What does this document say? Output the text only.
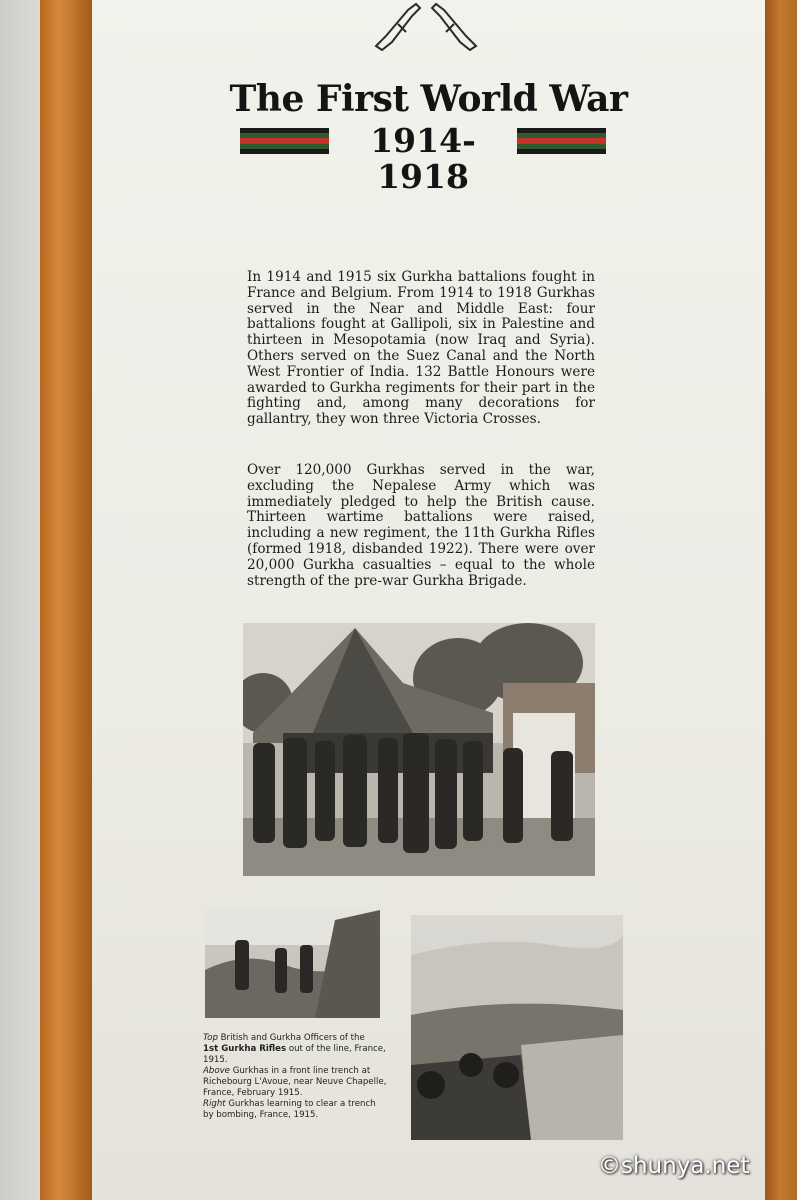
The First World War
1914-1918
In 1914 and 1915 six Gurkha battalions fought in France and Belgium. From 1914 to 1918 Gurkhas served in the Near and Middle East: four battalions fought at Gallipoli, six in Palestine and thirteen in Mesopotamia (now Iraq and Syria). Others served on the Suez Canal and the North West Frontier of India. 132 Battle Honours were awarded to Gurkha regiments for their part in the fighting and, among many decorations for gallantry, they won three Victoria Crosses.
Over 120,000 Gurkhas served in the war, excluding the Nepalese Army which was immediately pledged to help the British cause. Thirteen wartime battalions were raised, including a new regiment, the 11th Gurkha Rifles (formed 1918, disbanded 1922). There were over 20,000 Gurkha casualties – equal to the whole strength of the pre-war Gurkha Brigade.
Top British and Gurkha Officers of the
1st Gurkha Rifles out of the line, France, 1915.
Above Gurkhas in a front line trench at Richebourg L'Avoue, near Neuve Chapelle, France, February 1915.
Right Gurkhas learning to clear a trench by bombing, France, 1915.
©shunya.net
